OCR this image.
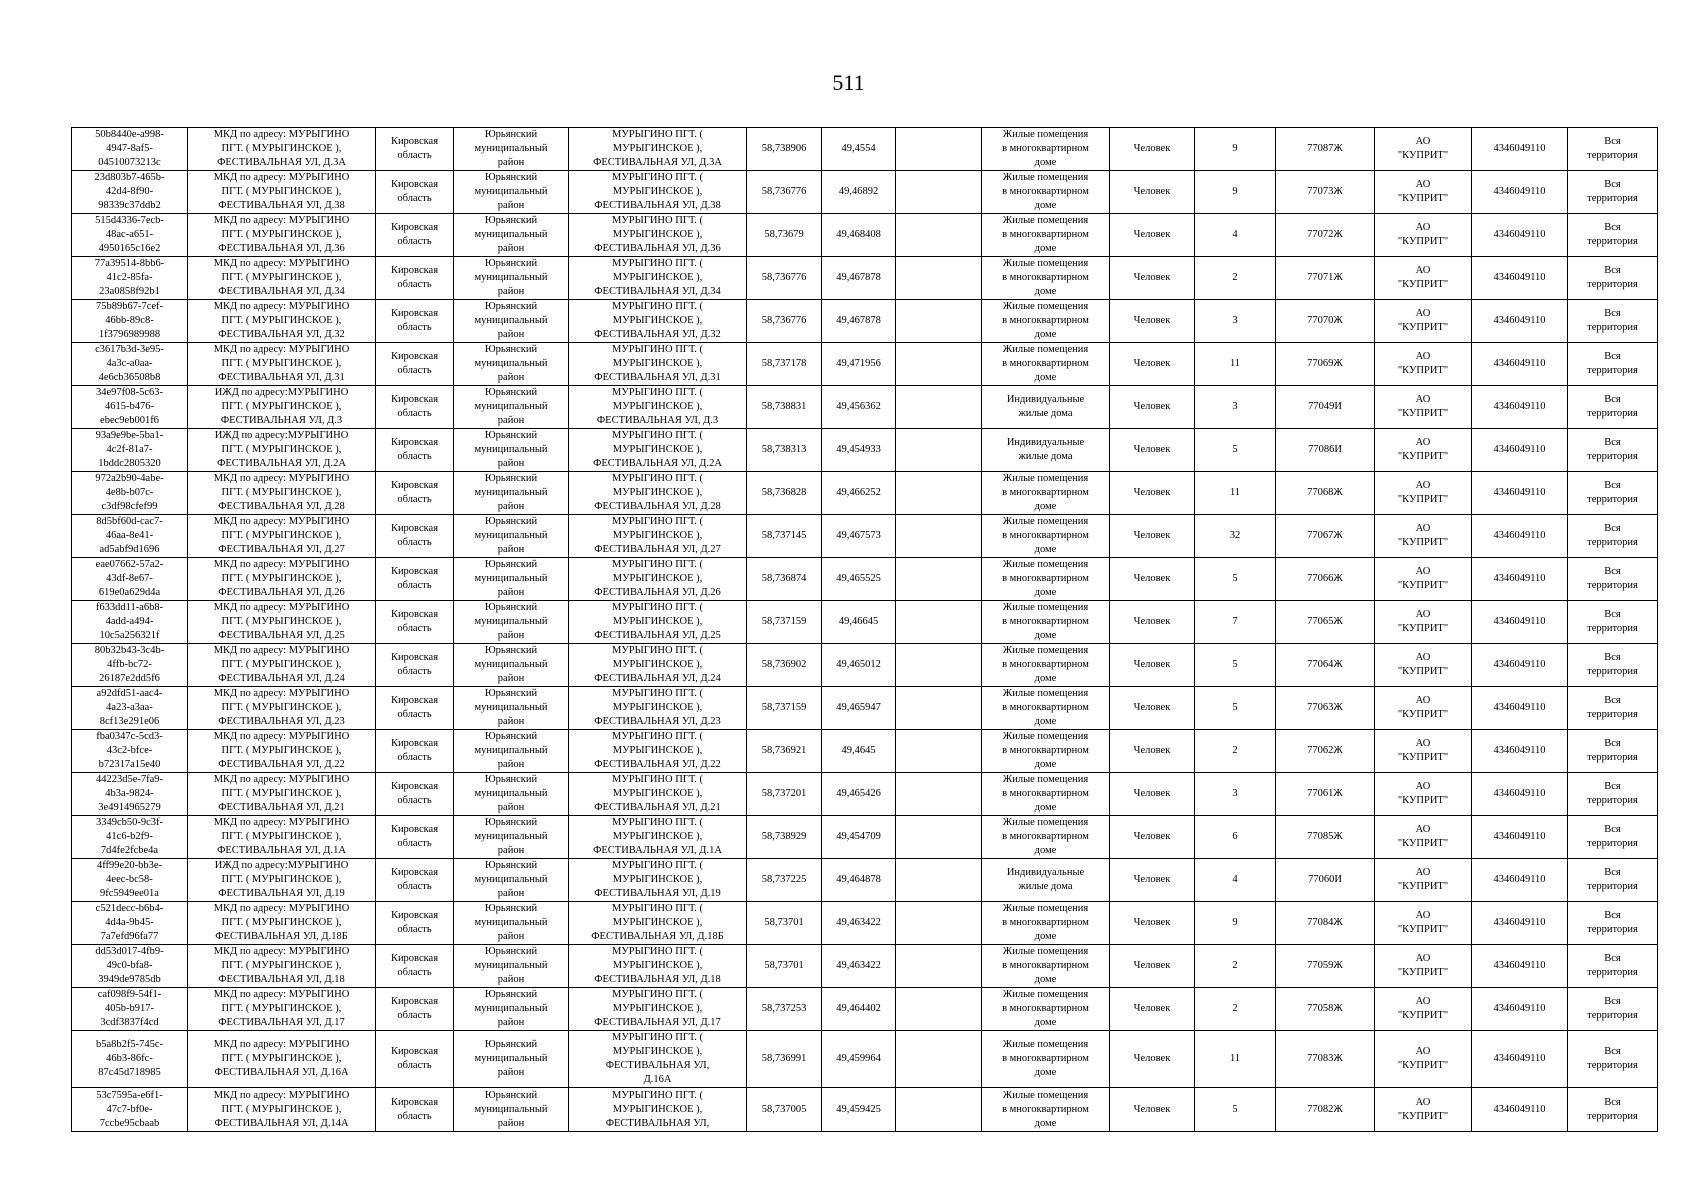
511
50b8440e-a998-
4947-8af5-
04510073213c	МКД по адресу: МУРЫГИНО
ПГТ. ( МУРЫГИНСКОЕ ),
ФЕСТИВАЛЬНАЯ УЛ, Д.3А	Кировская
область	Юрьянский
муниципальный
район	МУРЫГИНО ПГТ. (
МУРЫГИНСКОЕ ),
ФЕСТИВАЛЬНАЯ УЛ, Д.3А	58,738906	49,4554		Жилые помещения
в многоквартирном
доме	Человек	9	77087Ж	АО
"КУПРИТ"	4346049110	Вся
территория
23d803b7-465b-
42d4-8f90-
98339c37ddb2	МКД по адресу: МУРЫГИНО
ПГТ. ( МУРЫГИНСКОЕ ),
ФЕСТИВАЛЬНАЯ УЛ, Д.38	Кировская
область	Юрьянский
муниципальный
район	МУРЫГИНО ПГТ. (
МУРЫГИНСКОЕ ),
ФЕСТИВАЛЬНАЯ УЛ, Д.38	58,736776	49,46892		Жилые помещения
в многоквартирном
доме	Человек	9	77073Ж	АО
"КУПРИТ"	4346049110	Вся
территория
515d4336-7ecb-
48ac-a651-
4950165c16e2	МКД по адресу: МУРЫГИНО
ПГТ. ( МУРЫГИНСКОЕ ),
ФЕСТИВАЛЬНАЯ УЛ, Д.36	Кировская
область	Юрьянский
муниципальный
район	МУРЫГИНО ПГТ. (
МУРЫГИНСКОЕ ),
ФЕСТИВАЛЬНАЯ УЛ, Д.36	58,73679	49,468408		Жилые помещения
в многоквартирном
доме	Человек	4	77072Ж	АО
"КУПРИТ"	4346049110	Вся
территория
77a39514-8bb6-
41c2-85fa-
23a0858f92b1	МКД по адресу: МУРЫГИНО
ПГТ. ( МУРЫГИНСКОЕ ),
ФЕСТИВАЛЬНАЯ УЛ, Д.34	Кировская
область	Юрьянский
муниципальный
район	МУРЫГИНО ПГТ. (
МУРЫГИНСКОЕ ),
ФЕСТИВАЛЬНАЯ УЛ, Д.34	58,736776	49,467878		Жилые помещения
в многоквартирном
доме	Человек	2	77071Ж	АО
"КУПРИТ"	4346049110	Вся
территория
75b89b67-7cef-
46bb-89c8-
1f3796989988	МКД по адресу: МУРЫГИНО
ПГТ. ( МУРЫГИНСКОЕ ),
ФЕСТИВАЛЬНАЯ УЛ, Д.32	Кировская
область	Юрьянский
муниципальный
район	МУРЫГИНО ПГТ. (
МУРЫГИНСКОЕ ),
ФЕСТИВАЛЬНАЯ УЛ, Д.32	58,736776	49,467878		Жилые помещения
в многоквартирном
доме	Человек	3	77070Ж	АО
"КУПРИТ"	4346049110	Вся
территория
c3617b3d-3e95-
4a3c-a0aa-
4e6cb36508b8	МКД по адресу: МУРЫГИНО
ПГТ. ( МУРЫГИНСКОЕ ),
ФЕСТИВАЛЬНАЯ УЛ, Д.31	Кировская
область	Юрьянский
муниципальный
район	МУРЫГИНО ПГТ. (
МУРЫГИНСКОЕ ),
ФЕСТИВАЛЬНАЯ УЛ, Д.31	58,737178	49,471956		Жилые помещения
в многоквартирном
доме	Человек	11	77069Ж	АО
"КУПРИТ"	4346049110	Вся
территория
34e97f08-5c63-
4615-b476-
ebec9eb001f6	ИЖД по адресу:МУРЫГИНО
ПГТ. ( МУРЫГИНСКОЕ ),
ФЕСТИВАЛЬНАЯ УЛ, Д.3	Кировская
область	Юрьянский
муниципальный
район	МУРЫГИНО ПГТ. (
МУРЫГИНСКОЕ ),
ФЕСТИВАЛЬНАЯ УЛ, Д.3	58,738831	49,456362		Индивидуальные
жилые дома	Человек	3	77049И	АО
"КУПРИТ"	4346049110	Вся
территория
93a9e9be-5ba1-
4c2f-81a7-
1bddc2805320	ИЖД по адресу:МУРЫГИНО
ПГТ. ( МУРЫГИНСКОЕ ),
ФЕСТИВАЛЬНАЯ УЛ, Д.2А	Кировская
область	Юрьянский
муниципальный
район	МУРЫГИНО ПГТ. (
МУРЫГИНСКОЕ ),
ФЕСТИВАЛЬНАЯ УЛ, Д.2А	58,738313	49,454933		Индивидуальные
жилые дома	Человек	5	77086И	АО
"КУПРИТ"	4346049110	Вся
территория
972a2b90-4abe-
4e8b-b07c-
c3df98cfef99	МКД по адресу: МУРЫГИНО
ПГТ. ( МУРЫГИНСКОЕ ),
ФЕСТИВАЛЬНАЯ УЛ, Д.28	Кировская
область	Юрьянский
муниципальный
район	МУРЫГИНО ПГТ. (
МУРЫГИНСКОЕ ),
ФЕСТИВАЛЬНАЯ УЛ, Д.28	58,736828	49,466252		Жилые помещения
в многоквартирном
доме	Человек	11	77068Ж	АО
"КУПРИТ"	4346049110	Вся
территория
8d5bf60d-cac7-
46aa-8e41-
ad5abf9d1696	МКД по адресу: МУРЫГИНО
ПГТ. ( МУРЫГИНСКОЕ ),
ФЕСТИВАЛЬНАЯ УЛ, Д.27	Кировская
область	Юрьянский
муниципальный
район	МУРЫГИНО ПГТ. (
МУРЫГИНСКОЕ ),
ФЕСТИВАЛЬНАЯ УЛ, Д.27	58,737145	49,467573		Жилые помещения
в многоквартирном
доме	Человек	32	77067Ж	АО
"КУПРИТ"	4346049110	Вся
территория
eae07662-57a2-
43df-8e67-
619e0a629d4a	МКД по адресу: МУРЫГИНО
ПГТ. ( МУРЫГИНСКОЕ ),
ФЕСТИВАЛЬНАЯ УЛ, Д.26	Кировская
область	Юрьянский
муниципальный
район	МУРЫГИНО ПГТ. (
МУРЫГИНСКОЕ ),
ФЕСТИВАЛЬНАЯ УЛ, Д.26	58,736874	49,465525		Жилые помещения
в многоквартирном
доме	Человек	5	77066Ж	АО
"КУПРИТ"	4346049110	Вся
территория
f633dd11-a6b8-
4add-a494-
10c5a256321f	МКД по адресу: МУРЫГИНО
ПГТ. ( МУРЫГИНСКОЕ ),
ФЕСТИВАЛЬНАЯ УЛ, Д.25	Кировская
область	Юрьянский
муниципальный
район	МУРЫГИНО ПГТ. (
МУРЫГИНСКОЕ ),
ФЕСТИВАЛЬНАЯ УЛ, Д.25	58,737159	49,46645		Жилые помещения
в многоквартирном
доме	Человек	7	77065Ж	АО
"КУПРИТ"	4346049110	Вся
территория
80b32b43-3c4b-
4ffb-bc72-
26187e2dd5f6	МКД по адресу: МУРЫГИНО
ПГТ. ( МУРЫГИНСКОЕ ),
ФЕСТИВАЛЬНАЯ УЛ, Д.24	Кировская
область	Юрьянский
муниципальный
район	МУРЫГИНО ПГТ. (
МУРЫГИНСКОЕ ),
ФЕСТИВАЛЬНАЯ УЛ, Д.24	58,736902	49,465012		Жилые помещения
в многоквартирном
доме	Человек	5	77064Ж	АО
"КУПРИТ"	4346049110	Вся
территория
a92dfd51-aac4-
4a23-a3aa-
8cf13e291e06	МКД по адресу: МУРЫГИНО
ПГТ. ( МУРЫГИНСКОЕ ),
ФЕСТИВАЛЬНАЯ УЛ, Д.23	Кировская
область	Юрьянский
муниципальный
район	МУРЫГИНО ПГТ. (
МУРЫГИНСКОЕ ),
ФЕСТИВАЛЬНАЯ УЛ, Д.23	58,737159	49,465947		Жилые помещения
в многоквартирном
доме	Человек	5	77063Ж	АО
"КУПРИТ"	4346049110	Вся
территория
fba0347c-5cd3-
43c2-bfce-
b72317a15e40	МКД по адресу: МУРЫГИНО
ПГТ. ( МУРЫГИНСКОЕ ),
ФЕСТИВАЛЬНАЯ УЛ, Д.22	Кировская
область	Юрьянский
муниципальный
район	МУРЫГИНО ПГТ. (
МУРЫГИНСКОЕ ),
ФЕСТИВАЛЬНАЯ УЛ, Д.22	58,736921	49,4645		Жилые помещения
в многоквартирном
доме	Человек	2	77062Ж	АО
"КУПРИТ"	4346049110	Вся
территория
44223d5e-7fa9-
4b3a-9824-
3e4914965279	МКД по адресу: МУРЫГИНО
ПГТ. ( МУРЫГИНСКОЕ ),
ФЕСТИВАЛЬНАЯ УЛ, Д.21	Кировская
область	Юрьянский
муниципальный
район	МУРЫГИНО ПГТ. (
МУРЫГИНСКОЕ ),
ФЕСТИВАЛЬНАЯ УЛ, Д.21	58,737201	49,465426		Жилые помещения
в многоквартирном
доме	Человек	3	77061Ж	АО
"КУПРИТ"	4346049110	Вся
территория
3349cb50-9c3f-
41c6-b2f9-
7d4fe2fcbe4a	МКД по адресу: МУРЫГИНО
ПГТ. ( МУРЫГИНСКОЕ ),
ФЕСТИВАЛЬНАЯ УЛ, Д.1А	Кировская
область	Юрьянский
муниципальный
район	МУРЫГИНО ПГТ. (
МУРЫГИНСКОЕ ),
ФЕСТИВАЛЬНАЯ УЛ, Д.1А	58,738929	49,454709		Жилые помещения
в многоквартирном
доме	Человек	6	77085Ж	АО
"КУПРИТ"	4346049110	Вся
территория
4ff99e20-bb3e-
4eec-bc58-
9fc5949ee01a	ИЖД по адресу:МУРЫГИНО
ПГТ. ( МУРЫГИНСКОЕ ),
ФЕСТИВАЛЬНАЯ УЛ, Д.19	Кировская
область	Юрьянский
муниципальный
район	МУРЫГИНО ПГТ. (
МУРЫГИНСКОЕ ),
ФЕСТИВАЛЬНАЯ УЛ, Д.19	58,737225	49,464878		Индивидуальные
жилые дома	Человек	4	77060И	АО
"КУПРИТ"	4346049110	Вся
территория
c521decc-b6b4-
4d4a-9b45-
7a7efd96fa77	МКД по адресу: МУРЫГИНО
ПГТ. ( МУРЫГИНСКОЕ ),
ФЕСТИВАЛЬНАЯ УЛ, Д.18Б	Кировская
область	Юрьянский
муниципальный
район	МУРЫГИНО ПГТ. (
МУРЫГИНСКОЕ ),
ФЕСТИВАЛЬНАЯ УЛ, Д.18Б	58,73701	49,463422		Жилые помещения
в многоквартирном
доме	Человек	9	77084Ж	АО
"КУПРИТ"	4346049110	Вся
территория
dd53d017-4fb9-
49c0-bfa8-
3949de9785db	МКД по адресу: МУРЫГИНО
ПГТ. ( МУРЫГИНСКОЕ ),
ФЕСТИВАЛЬНАЯ УЛ, Д.18	Кировская
область	Юрьянский
муниципальный
район	МУРЫГИНО ПГТ. (
МУРЫГИНСКОЕ ),
ФЕСТИВАЛЬНАЯ УЛ, Д.18	58,73701	49,463422		Жилые помещения
в многоквартирном
доме	Человек	2	77059Ж	АО
"КУПРИТ"	4346049110	Вся
территория
caf098f9-54f1-
405b-b917-
3cdf3837f4cd	МКД по адресу: МУРЫГИНО
ПГТ. ( МУРЫГИНСКОЕ ),
ФЕСТИВАЛЬНАЯ УЛ, Д.17	Кировская
область	Юрьянский
муниципальный
район	МУРЫГИНО ПГТ. (
МУРЫГИНСКОЕ ),
ФЕСТИВАЛЬНАЯ УЛ, Д.17	58,737253	49,464402		Жилые помещения
в многоквартирном
доме	Человек	2	77058Ж	АО
"КУПРИТ"	4346049110	Вся
территория
b5a8b2f5-745c-
46b3-86fc-
87c45d718985	МКД по адресу: МУРЫГИНО
ПГТ. ( МУРЫГИНСКОЕ ),
ФЕСТИВАЛЬНАЯ УЛ, Д.16А	Кировская
область	Юрьянский
муниципальный
район	МУРЫГИНО ПГТ. (
МУРЫГИНСКОЕ ),
ФЕСТИВАЛЬНАЯ УЛ,
Д.16А	58,736991	49,459964		Жилые помещения
в многоквартирном
доме	Человек	11	77083Ж	АО
"КУПРИТ"	4346049110	Вся
территория
53c7595a-e6f1-
47c7-bf0e-
7ccbe95cbaab	МКД по адресу: МУРЫГИНО
ПГТ. ( МУРЫГИНСКОЕ ),
ФЕСТИВАЛЬНАЯ УЛ, Д.14А	Кировская
область	Юрьянский
муниципальный
район	МУРЫГИНО ПГТ. (
МУРЫГИНСКОЕ ),
ФЕСТИВАЛЬНАЯ УЛ,	58,737005	49,459425		Жилые помещения
в многоквартирном
доме	Человек	5	77082Ж	АО
"КУПРИТ"	4346049110	Вся
территория
